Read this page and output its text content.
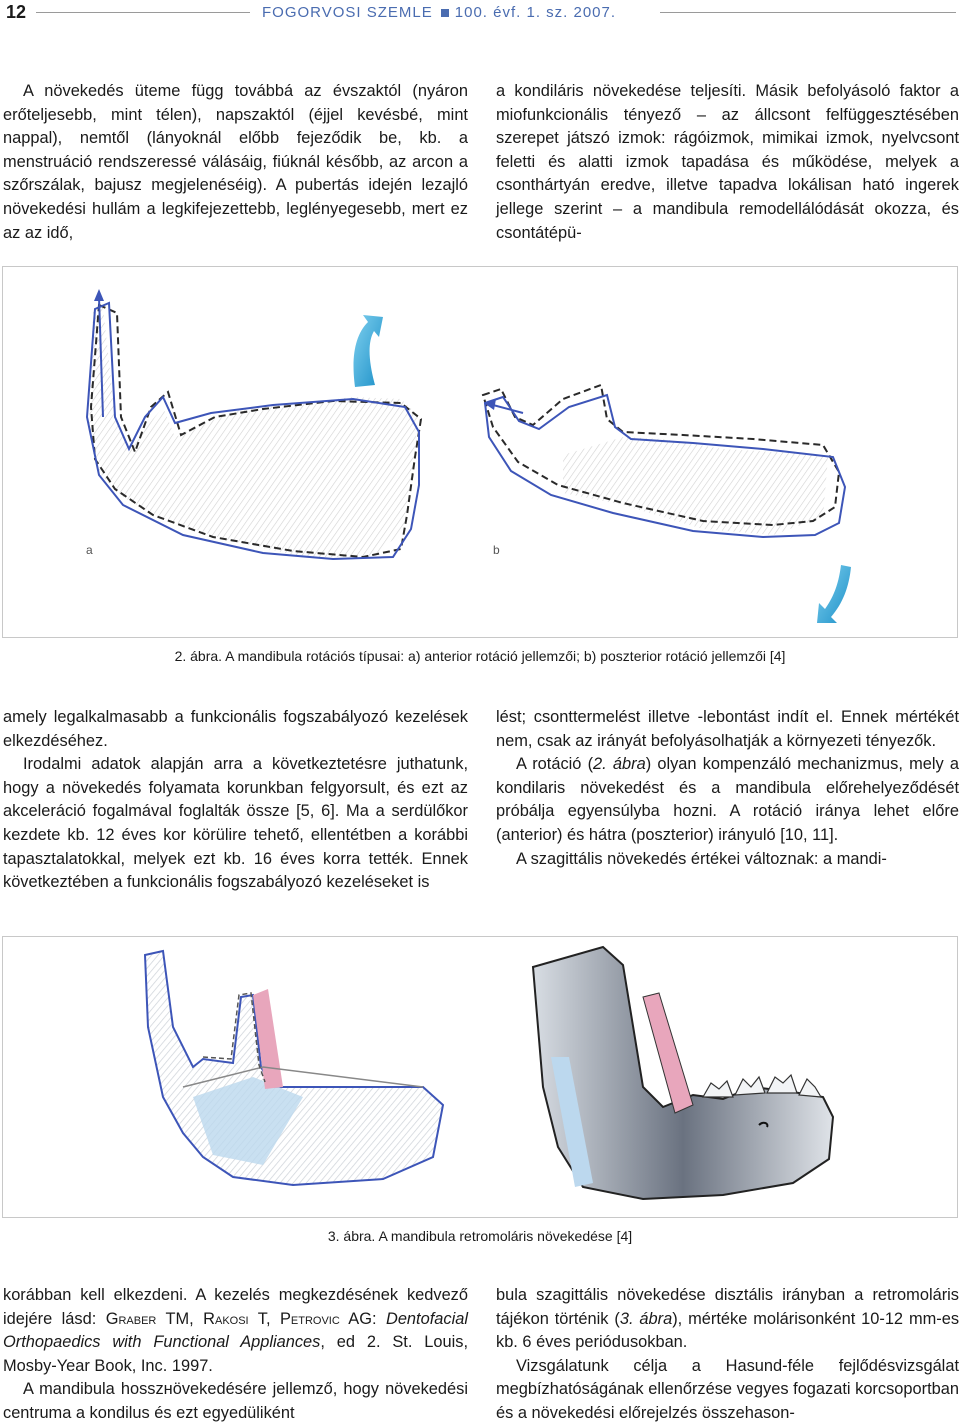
12	FOGORVOSI SZEMLE 100. évf. 1. sz. 2007.

A növekedés üteme függ továbbá az évszaktól (nyáron erőteljesebb, mint télen), napszaktól (éjjel kevésbé, mint nappal), nemtől (lányoknál előbb fejeződik be, kb. a menstruáció rendszeressé válásáig, fiúknál később, az arcon a szőrszálak, bajusz megjelenéséig). A pubertás idején lezajló növekedési hullám a legkifejezettebb, leglényegesebb, mert ez az az idő,

a kondiláris növekedése teljesíti. Másik befolyásoló faktor a miofunkcionális tényező – az állcsont felfüggesztésében szerepet játszó izmok: rágóizmok, mimikai izmok, nyelvcsont feletti és alatti izmok tapadása és működése, melyek a csonthártyán eredve, illetve tapadva lokálisan ható ingerek jellege szerint – a mandibula remodellálódását okozza, és csontátépü-

a	b
2. ábra. A mandibula rotációs típusai: a) anterior rotáció jellemzői; b) poszterior rotáció jellemzői [4]

amely legalkalmasabb a funkcionális fogszabályozó kezelések elkezdéséhez.

Irodalmi adatok alapján arra a következtetésre juthatunk, hogy a növekedés folyamata korunkban felgyorsult, és ezt az akceleráció fogalmával foglalták össze [5, 6]. Ma a serdülőkor kezdete kb. 12 éves kor körülire tehető, ellentétben a korábbi tapasztalatokkal, melyek ezt kb. 16 éves korra tették. Ennek következtében a funkcionális fogszabályozó kezeléseket is

lést; csonttermelést illetve -lebontást indít el. Ennek mértékét nem, csak az irányát befolyásolhatják a környezeti tényezők.

A rotáció (2. ábra) olyan kompenzáló mechanizmus, mely a kondilaris növekedést és a mandibula előrehelyeződését próbálja egyensúlyba hozni. A rotáció iránya lehet előre (anterior) és hátra (poszterior) irányuló [10, 11].

A szagittális növekedés értékei változnak: a mandi-

3. ábra. A mandibula retromoláris növekedése [4]

korábban kell elkezdeni. A kezelés megkezdésének kedvező idejére lásd: Graber TM, Rakosi T, Petrovic AG: Dentofacial Orthopaedics with Functional Appliances, ed 2. St. Louis, Mosby-Year Book, Inc. 1997.

A mandibula hosszнövekedésére jellemző, hogy növekedési centruma a kondilus és ezt egyedüliként

bula szagittális növekedése disztális irányban a retromoláris tájékon történik (3. ábra), mértéke molárisonként 10-12 mm-es kb. 6 éves periódusokban.

Vizsgálatunk célja a Hasund-féle fejlődésvizsgálat megbízhatóságának ellenőrzése vegyes fogazati korcsoportban és a növekedési előrejelzés összehason-
